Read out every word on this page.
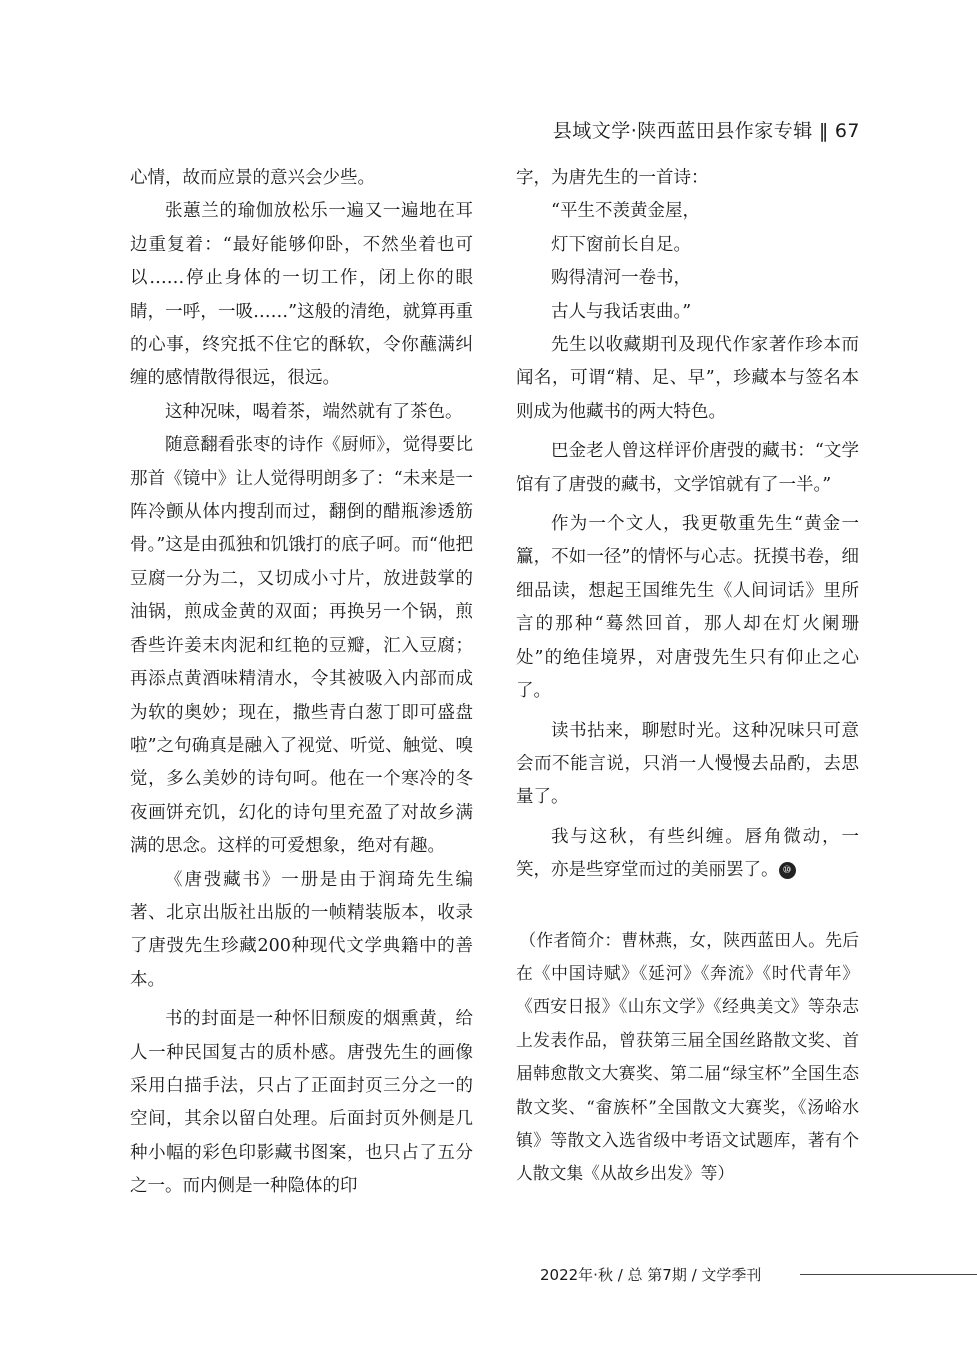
县域文学·陕西蓝田县作家专辑 ‖ 67

心情，故而应景的意兴会少些。

张蕙兰的瑜伽放松乐一遍又一遍地在耳边重复着：“最好能够仰卧，不然坐着也可以……停止身体的一切工作，闭上你的眼睛，一呼，一吸……”这般的清绝，就算再重的心事，终究抵不住它的酥软，令你蘸满纠缠的感情散得很远，很远。

这种况味，喝着茶，端然就有了茶色。

随意翻看张枣的诗作《厨师》，觉得要比那首《镜中》让人觉得明朗多了：“未来是一阵冷颤从体内搜刮而过，翻倒的醋瓶渗透筋骨。”这是由孤独和饥饿打的底子呵。而“他把豆腐一分为二，又切成小寸片，放进鼓掌的油锅，煎成金黄的双面；再换另一个锅，煎香些许姜末肉泥和红艳的豆瓣，汇入豆腐；再添点黄酒味精清水，令其被吸入内部而成为软的奥妙；现在，撒些青白葱丁即可盛盘啦”之句确真是融入了视觉、听觉、触觉、嗅觉，多么美妙的诗句呵。他在一个寒冷的冬夜画饼充饥，幻化的诗句里充盈了对故乡满满的思念。这样的可爱想象，绝对有趣。

《唐弢藏书》一册是由于润琦先生编著、北京出版社出版的一帧精装版本，收录了唐弢先生珍藏200种现代文学典籍中的善本。

书的封面是一种怀旧颓废的烟熏黄，给人一种民国复古的质朴感。唐弢先生的画像采用白描手法，只占了正面封页三分之一的空间，其余以留白处理。后面封页外侧是几种小幅的彩色印影藏书图案，也只占了五分之一。而内侧是一种隐体的印

字，为唐先生的一首诗：

“平生不羡黄金屋，

灯下窗前长自足。

购得清河一卷书，

古人与我话衷曲。”

先生以收藏期刊及现代作家著作珍本而闻名，可谓“精、足、早”，珍藏本与签名本则成为他藏书的两大特色。

巴金老人曾这样评价唐弢的藏书：“文学馆有了唐弢的藏书，文学馆就有了一半。”

作为一个文人，我更敬重先生“黄金一籯，不如一径”的情怀与心志。抚摸书卷，细细品读，想起王国维先生《人间词话》里所言的那种“蓦然回首，那人却在灯火阑珊处”的绝佳境界，对唐弢先生只有仰止之心了。

读书拈来，聊慰时光。这种况味只可意会而不能言说，只消一人慢慢去品酌，去思量了。

我与这秋，有些纠缠。唇角微动，一笑，亦是些穿堂而过的美丽罢了。 ⑩

（作者简介：曹林燕，女，陕西蓝田人。先后在《中国诗赋》《延河》《奔流》《时代青年》《西安日报》《山东文学》《经典美文》等杂志上发表作品，曾获第三届全国丝路散文奖、首届韩愈散文大赛奖、第二届“绿宝杯”全国生态散文奖、“畲族杯”全国散文大赛奖，《汤峪水镇》等散文入选省级中考语文试题库，著有个人散文集《从故乡出发》等）

2022年·秋 / 总 第7期 / 文学季刊
